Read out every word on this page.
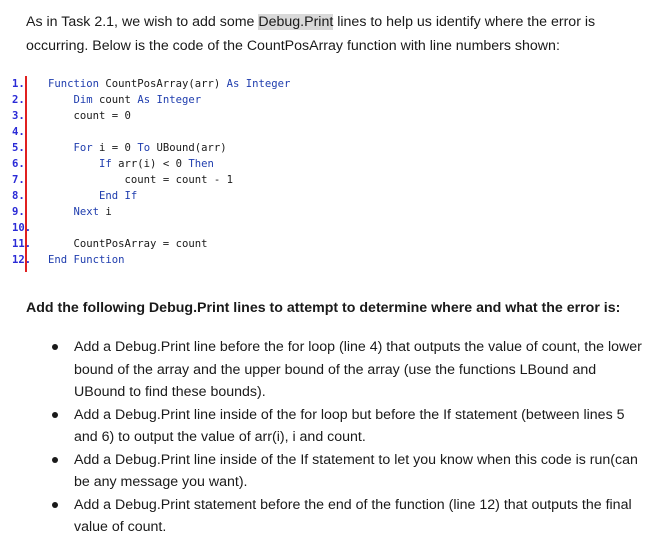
As in Task 2.1, we wish to add some Debug.Print lines to help us identify where the error is occurring. Below is the code of the CountPosArray function with line numbers shown:
1.	Function CountPosArray(arr) As Integer
2.	Dim count As Integer
3.	count = 0
4.
5.	For i = 0 To UBound(arr)
6.	If arr(i) < 0 Then
7.	count = count - 1
8.	End If
9.	Next i
10.
11.	CountPosArray = count
12.	End Function
Add the following Debug.Print lines to attempt to determine where and what the error is:
Add a Debug.Print line before the for loop (line 4) that outputs the value of count, the lower bound of the array and the upper bound of the array (use the functions LBound and UBound to find these bounds).
Add a Debug.Print line inside of the for loop but before the If statement (between lines 5 and 6) to output the value of arr(i), i and count.
Add a Debug.Print line inside of the If statement to let you know when this code is run(can be any message you want).
Add a Debug.Print statement before the end of the function (line 12) that outputs the final value of count.
